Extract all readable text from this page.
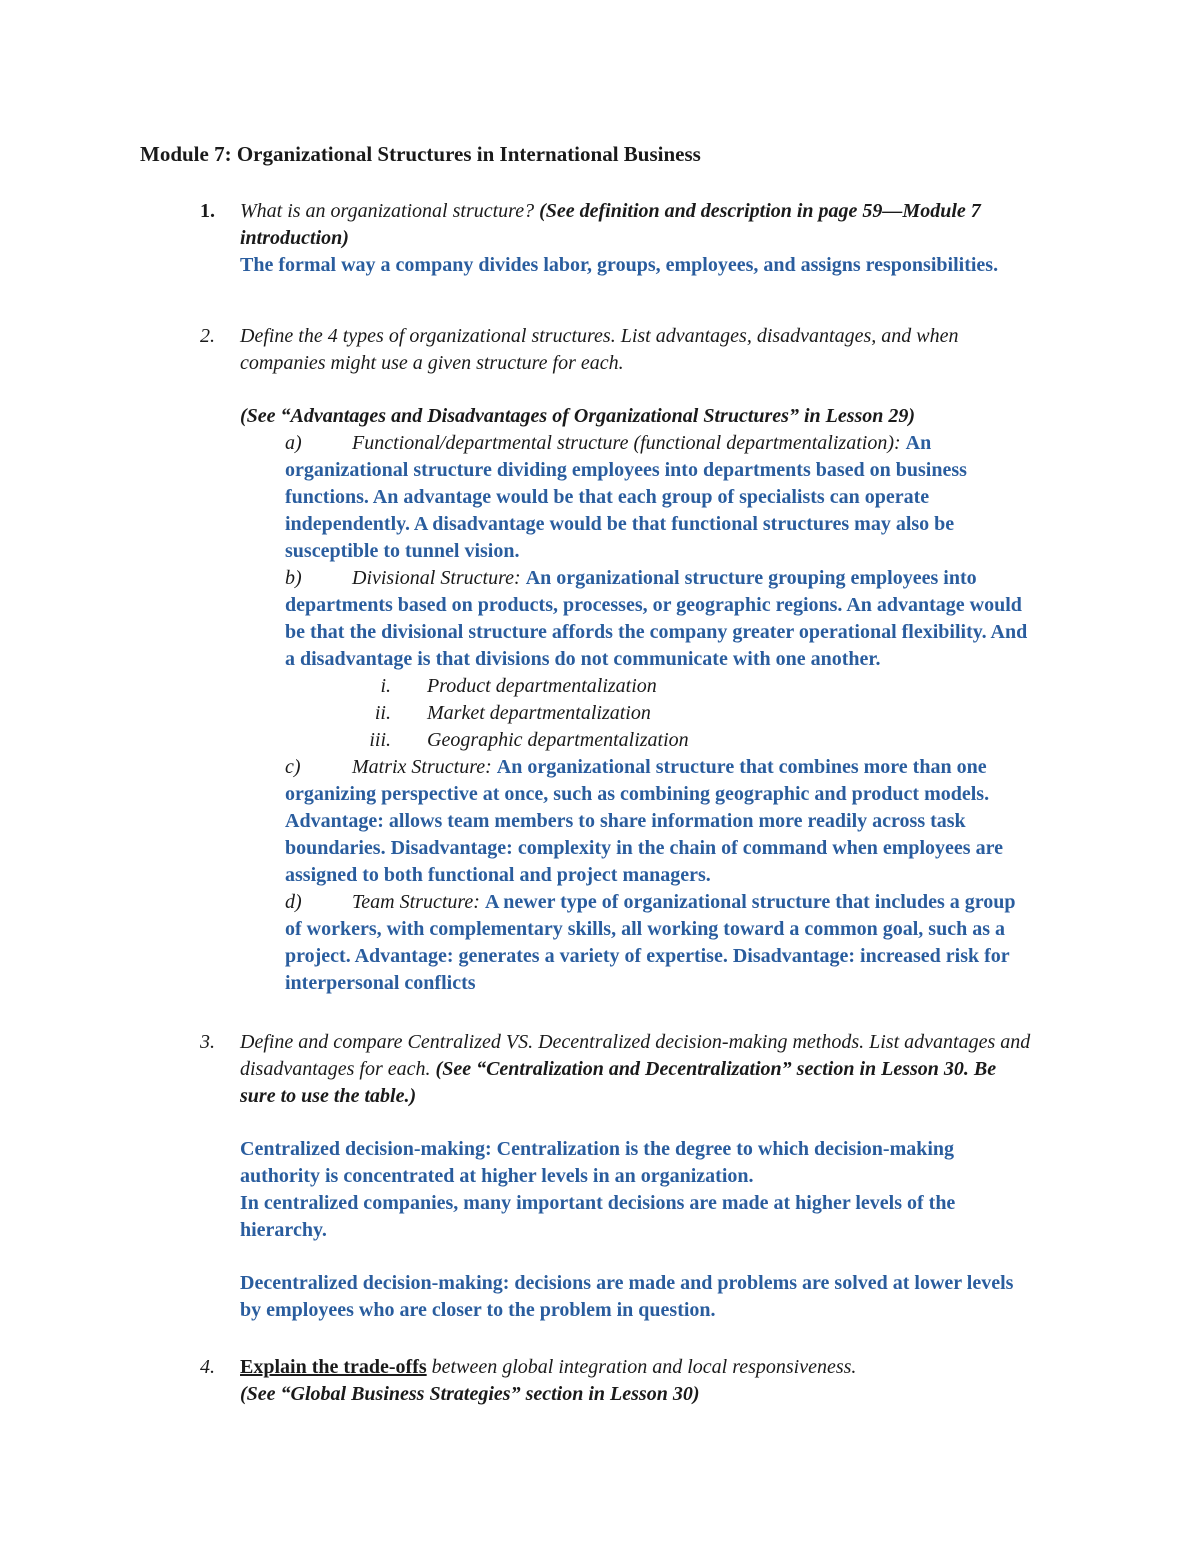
Module 7: Organizational Structures in International Business
1.	What is an organizational structure? (See definition and description in page 59—Module 7 introduction)

The formal way a company divides labor, groups, employees, and assigns responsibilities.

2.	Define the 4 types of organizational structures. List advantages, disadvantages, and when companies might use a given structure for each.

(See “Advantages and Disadvantages of Organizational Structures” in Lesson 29)

a)	Functional/departmental structure (functional departmentalization): An organizational structure dividing employees into departments based on business functions. An advantage would be that each group of specialists can operate independently. A disadvantage would be that functional structures may also be susceptible to tunnel vision.

b)	Divisional Structure: An organizational structure grouping employees into departments based on products, processes, or geographic regions. An advantage would be that the divisional structure affords the company greater operational flexibility. And a disadvantage is that divisions do not communicate with one another.

i. Product departmentalization
ii. Market departmentalization
iii. Geographic departmentalization

c)	Matrix Structure: An organizational structure that combines more than one organizing perspective at once, such as combining geographic and product models. Advantage: allows team members to share information more readily across task boundaries. Disadvantage: complexity in the chain of command when employees are assigned to both functional and project managers.

d)	Team Structure: A newer type of organizational structure that includes a group of workers, with complementary skills, all working toward a common goal, such as a project. Advantage: generates a variety of expertise. Disadvantage: increased risk for interpersonal conflicts

3.	Define and compare Centralized VS. Decentralized decision-making methods. List advantages and disadvantages for each. (See “Centralization and Decentralization” section in Lesson 30. Be sure to use the table.)

Centralized decision-making: Centralization is the degree to which decision-making authority is concentrated at higher levels in an organization.

In centralized companies, many important decisions are made at higher levels of the hierarchy.

Decentralized decision-making: decisions are made and problems are solved at lower levels by employees who are closer to the problem in question.

4.	Explain the trade-offs between global integration and local responsiveness.

(See “Global Business Strategies” section in Lesson 30)
